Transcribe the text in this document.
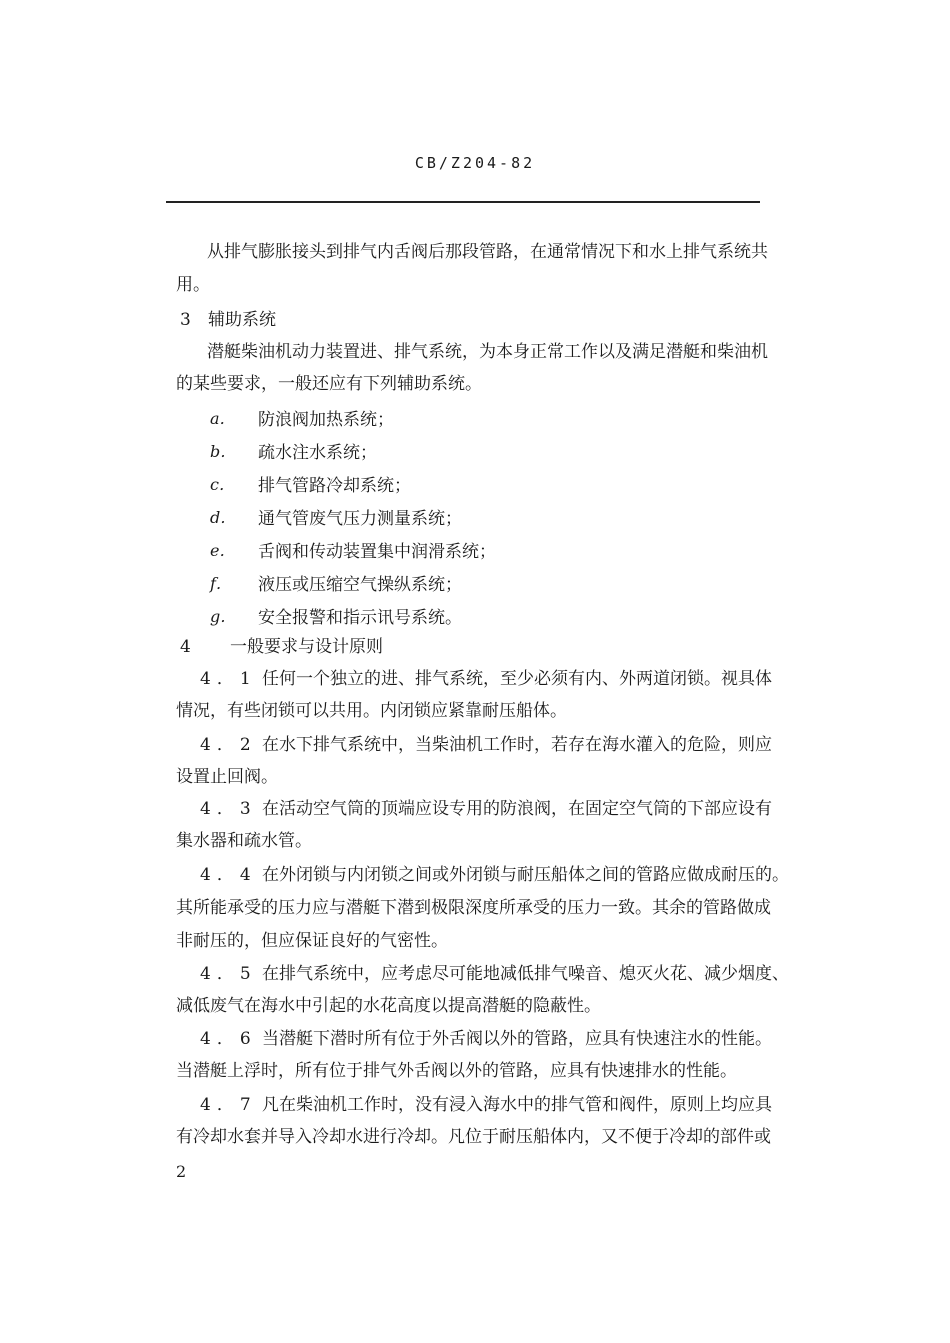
CB/Z204-82
从排气膨胀接头到排气内舌阀后那段管路，在通常情况下和水上排气系统共
用。
3 辅助系统
潜艇柴油机动力装置进、排气系统，为本身正常工作以及满足潜艇和柴油机
的某些要求，一般还应有下列辅助系统。
a． 防浪阀加热系统；
b． 疏水注水系统；
c． 排气管路冷却系统；
d． 通气管废气压力测量系统；
e． 舌阀和传动装置集中润滑系统；
f． 液压或压缩空气操纵系统；
g． 安全报警和指示讯号系统。
4 一般要求与设计原则
4．1 任何一个独立的进、排气系统，至少必须有内、外两道闭锁。视具体
情况，有些闭锁可以共用。内闭锁应紧靠耐压船体。
4．2 在水下排气系统中，当柴油机工作时，若存在海水灌入的危险，则应
设置止回阀。
4．3 在活动空气筒的顶端应设专用的防浪阀，在固定空气筒的下部应设有
集水器和疏水管。
4．4 在外闭锁与内闭锁之间或外闭锁与耐压船体之间的管路应做成耐压的。
其所能承受的压力应与潜艇下潜到极限深度所承受的压力一致。其余的管路做成
非耐压的，但应保证良好的气密性。
4．5 在排气系统中，应考虑尽可能地减低排气噪音、熄灭火花、减少烟度、
减低废气在海水中引起的水花高度以提高潜艇的隐蔽性。
4．6 当潜艇下潜时所有位于外舌阀以外的管路，应具有快速注水的性能。
当潜艇上浮时，所有位于排气外舌阀以外的管路，应具有快速排水的性能。
4．7 凡在柴油机工作时，没有浸入海水中的排气管和阀件，原则上均应具
有冷却水套并导入冷却水进行冷却。凡位于耐压船体内，又不便于冷却的部件或
2
